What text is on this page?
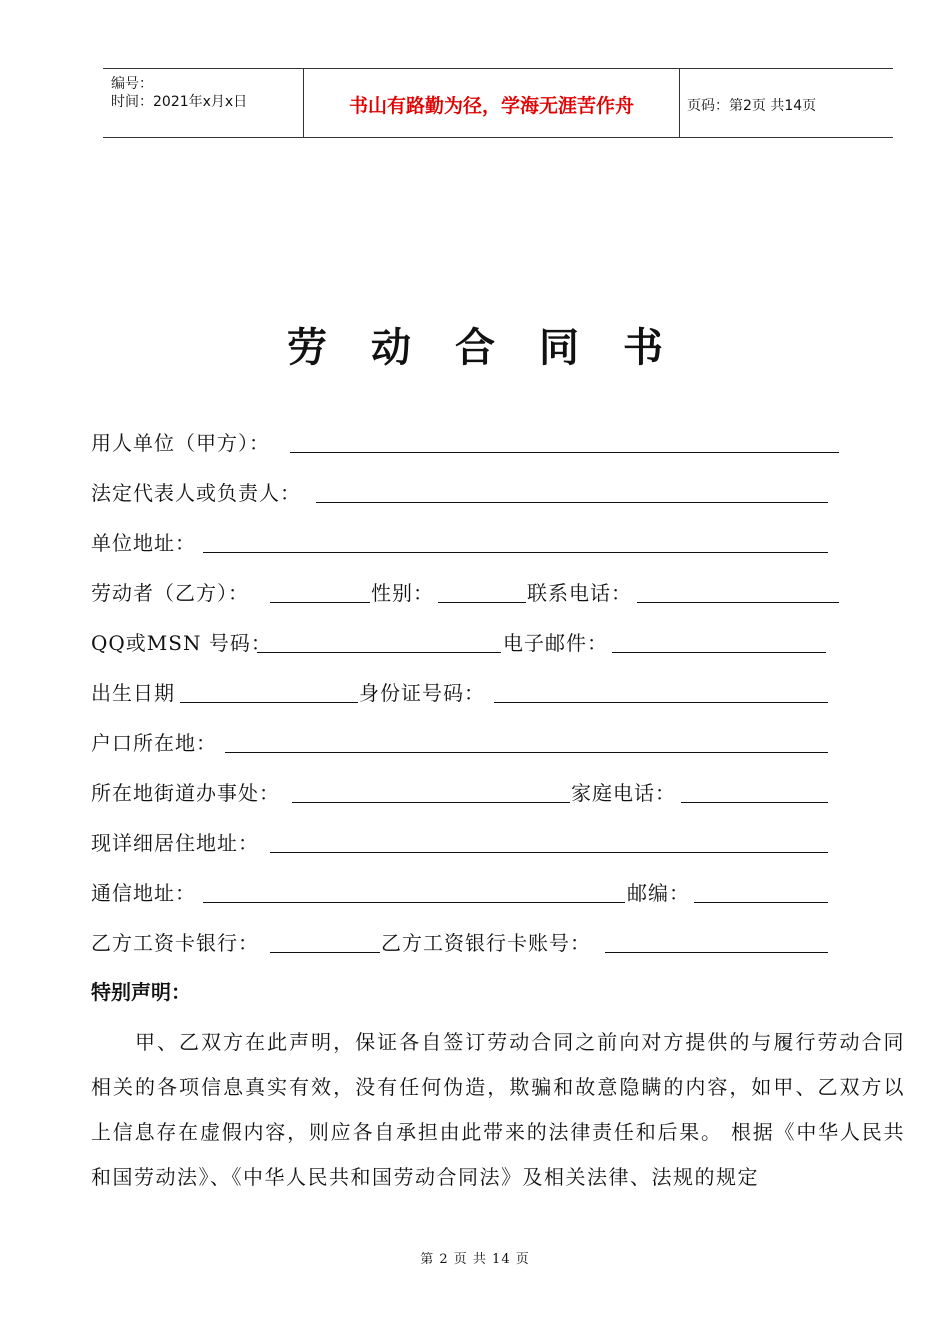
编号：
时间：2021年x月x日	书山有路勤为径，学海无涯苦作舟	页码：第2页 共14页
劳动合同书
用人单位（甲方）：
法定代表人或负责人：
单位地址：
劳动者（乙方）：	性别：	联系电话：
QQ或MSN 号码：	电子邮件：
出生日期	身份证号码：
户口所在地：
所在地街道办事处：	家庭电话：
现详细居住地址：
通信地址：	邮编：
乙方工资卡银行：	乙方工资银行卡账号：
特别声明：

甲、乙双方在此声明，保证各自签订劳动合同之前向对方提供的与履行劳动合同相关的各项信息真实有效，没有任何伪造，欺骗和故意隐瞒的内容，如甲、乙双方以上信息存在虚假内容，则应各自承担由此带来的法律责任和后果。 根据《中华人民共和国劳动法》、《中华人民共和国劳动合同法》及相关法律、法规的规定

第 2 页 共 14 页
